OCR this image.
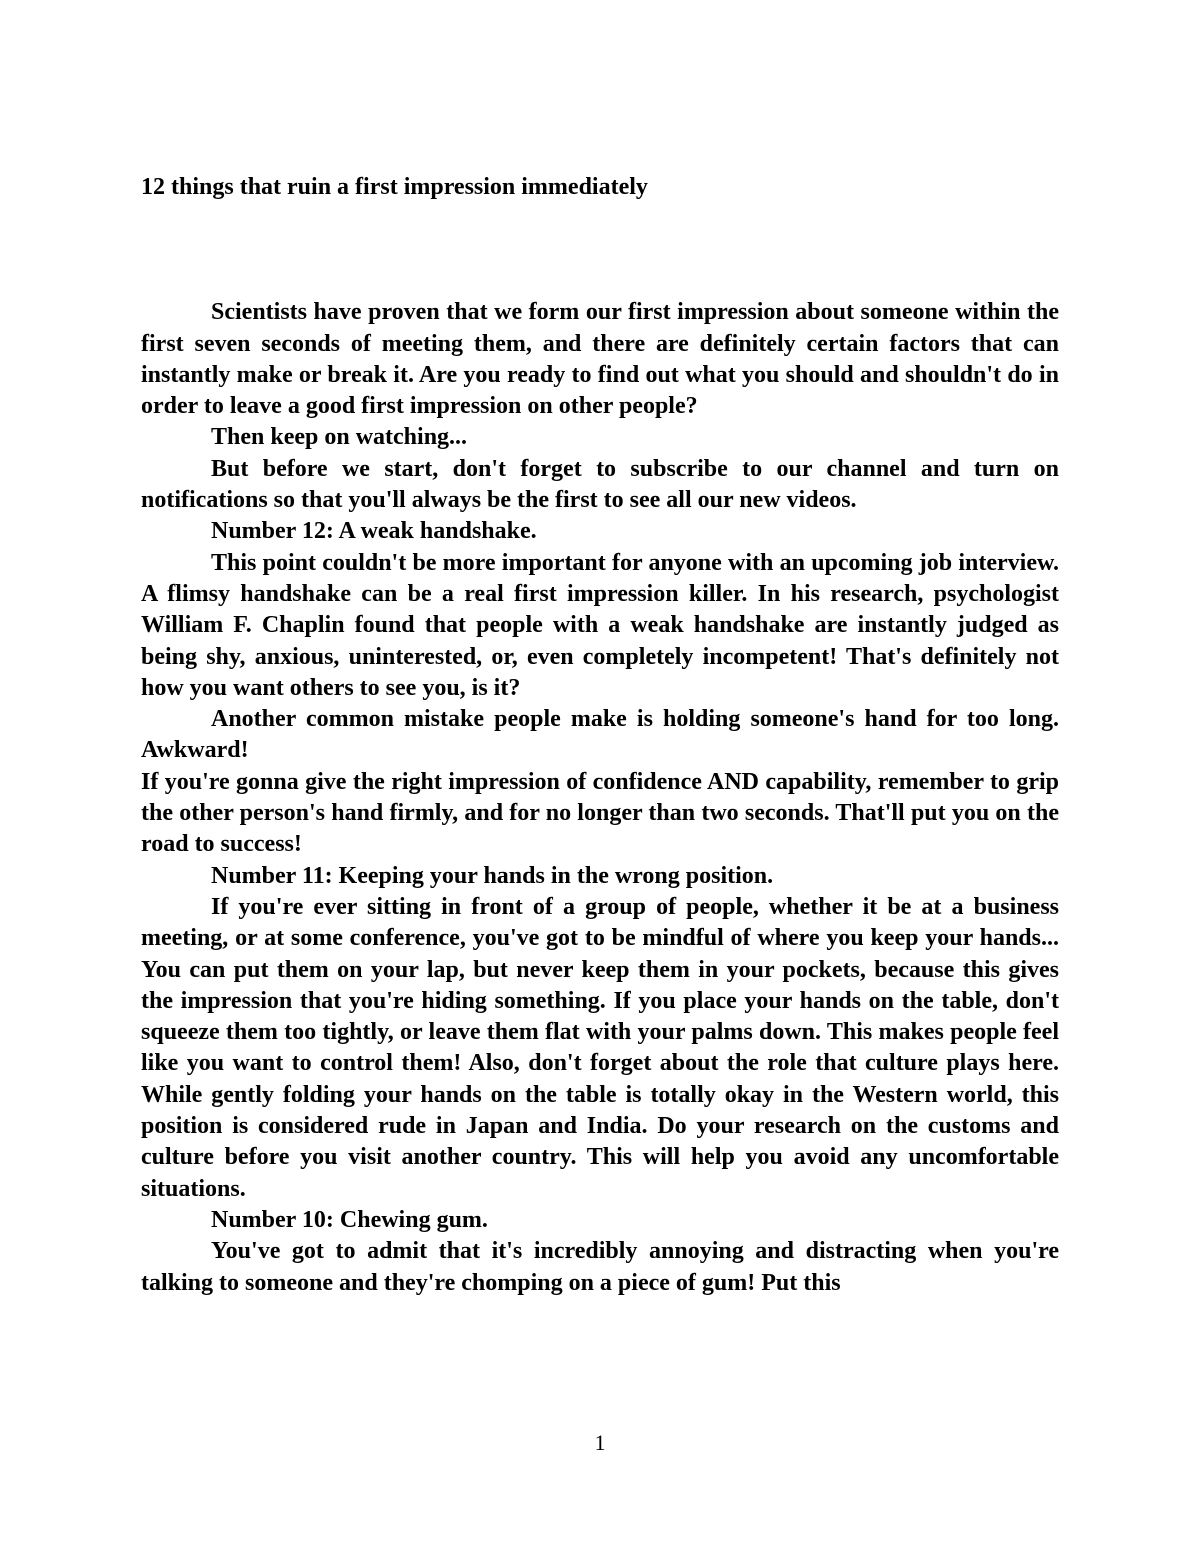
12 things that ruin a first impression immediately

Scientists have proven that we form our first impression about someone within the first seven seconds of meeting them, and there are definitely certain factors that can instantly make or break it. Are you ready to find out what you should and shouldn't do in order to leave a good first impression on other people?

Then keep on watching...

But before we start, don't forget to subscribe to our channel and turn on notifications so that you'll always be the first to see all our new videos.

Number 12: A weak handshake.

This point couldn't be more important for anyone with an upcoming job interview. A flimsy handshake can be a real first impression killer. In his research, psychologist William F. Chaplin found that people with a weak handshake are instantly judged as being shy, anxious, uninterested, or, even completely incompetent! That's definitely not how you want others to see you, is it?

Another common mistake people make is holding someone's hand for too long. Awkward!

If you're gonna give the right impression of confidence AND capability, remember to grip the other person's hand firmly, and for no longer than two seconds. That'll put you on the road to success!

Number 11: Keeping your hands in the wrong position.

If you're ever sitting in front of a group of people, whether it be at a business meeting, or at some conference, you've got to be mindful of where you keep your hands... You can put them on your lap, but never keep them in your pockets, because this gives the impression that you're hiding something. If you place your hands on the table, don't squeeze them too tightly, or leave them flat with your palms down. This makes people feel like you want to control them! Also, don't forget about the role that culture plays here. While gently folding your hands on the table is totally okay in the Western world, this position is considered rude in Japan and India. Do your research on the customs and culture before you visit another country. This will help you avoid any uncomfortable situations.

Number 10: Chewing gum.

You've got to admit that it's incredibly annoying and distracting when you're talking to someone and they're chomping on a piece of gum! Put this

1
